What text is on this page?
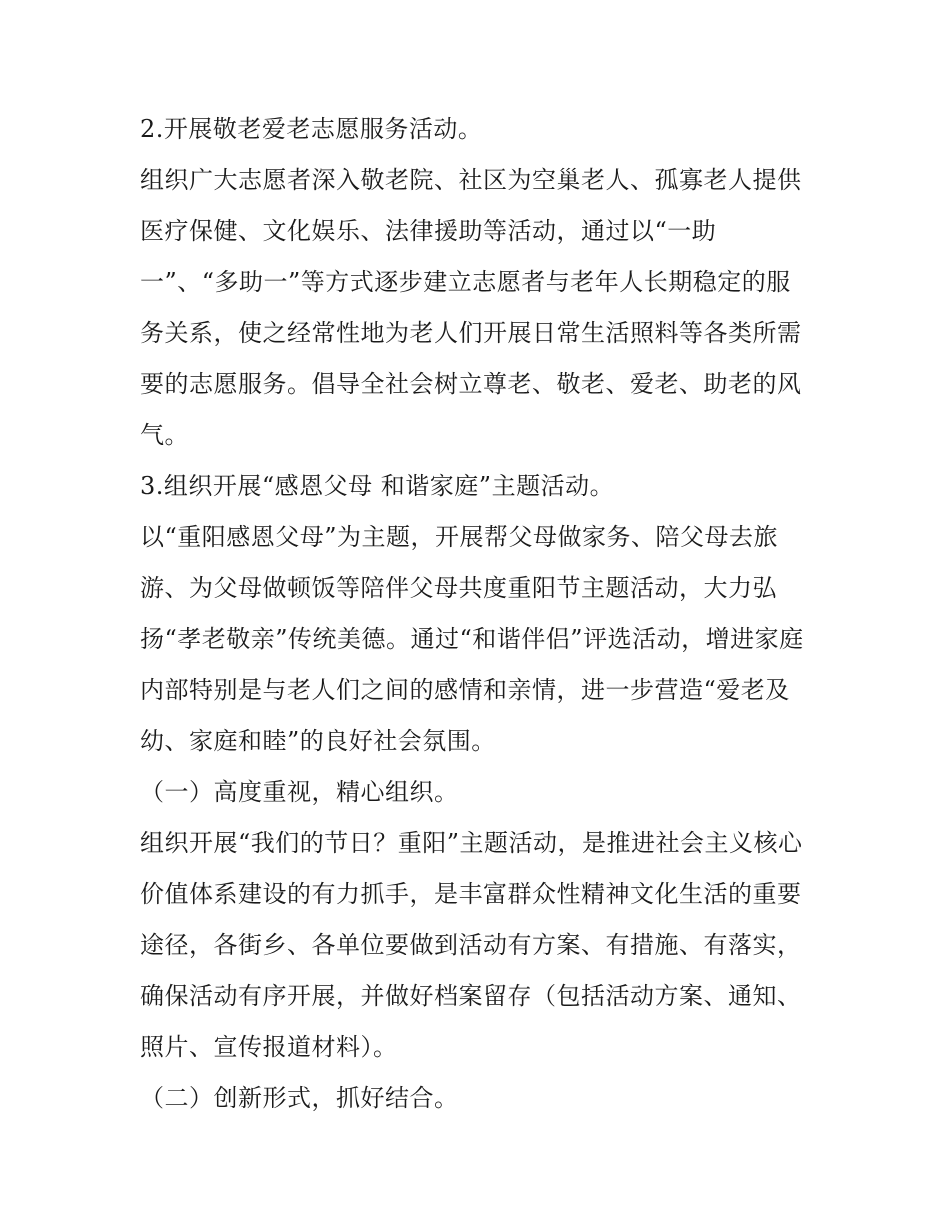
2.开展敬老爱老志愿服务活动。
组织广大志愿者深入敬老院、社区为空巢老人、孤寡老人提供
医疗保健、文化娱乐、法律援助等活动，通过以“一助
一”、“多助一”等方式逐步建立志愿者与老年人长期稳定的服
务关系，使之经常性地为老人们开展日常生活照料等各类所需
要的志愿服务。倡导全社会树立尊老、敬老、爱老、助老的风
气。
3.组织开展“感恩父母 和谐家庭”主题活动。
以“重阳感恩父母”为主题，开展帮父母做家务、陪父母去旅
游、为父母做顿饭等陪伴父母共度重阳节主题活动，大力弘
扬“孝老敬亲”传统美德。通过“和谐伴侣”评选活动，增进家庭
内部特别是与老人们之间的感情和亲情，进一步营造“爱老及
幼、家庭和睦”的良好社会氛围。
（一）高度重视，精心组织。
组织开展“我们的节日？重阳”主题活动，是推进社会主义核心
价值体系建设的有力抓手，是丰富群众性精神文化生活的重要
途径，各街乡、各单位要做到活动有方案、有措施、有落实，
确保活动有序开展，并做好档案留存（包括活动方案、通知、
照片、宣传报道材料）。
（二）创新形式，抓好结合。
